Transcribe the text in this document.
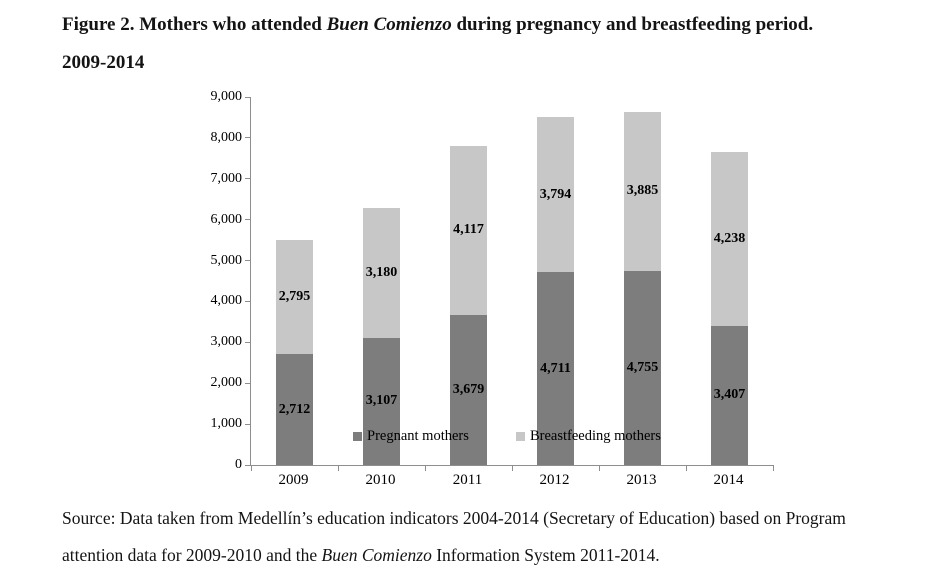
Figure 2. Mothers who attended Buen Comienzo during pregnancy and breastfeeding period.
2009-2014
0
1,000
2,000
3,000
4,000
5,000
6,000
7,000
8,000
9,000
2,712
2,795
3,107
3,180
3,679
4,117
4,711
3,794
4,755
3,885
3,407
4,238
Pregnant mothers	Breastfeeding mothers
2009	2010	2011	2012	2013	2014
Source: Data taken from Medellín’s education indicators 2004-2014 (Secretary of Education) based on Program
attention data for 2009-2010 and the Buen Comienzo Information System 2011-2014.
